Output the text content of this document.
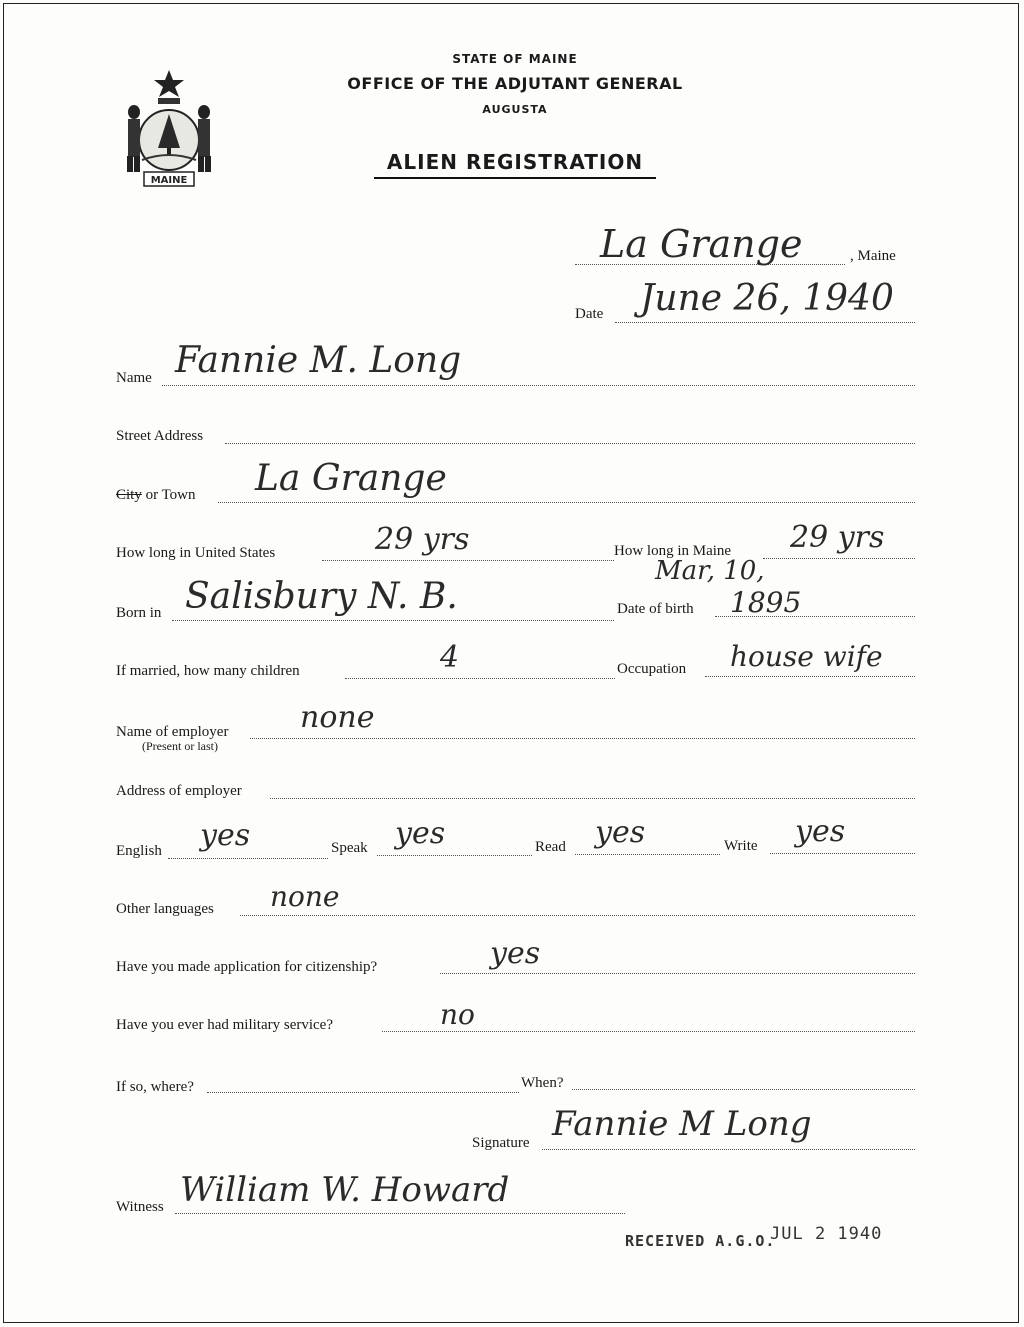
MAINE
STATE OF MAINE
OFFICE OF THE ADJUTANT GENERAL
AUGUSTA
ALIEN REGISTRATION
La Grange	, Maine
Date June 26, 1940
Name Fannie M. Long
Street Address
City or Town La Grange
How long in United States	29 yrs	How long in Maine 29 yrs
Born in Salisbury N. B.	Date of birth
Mar, 10,
1895
If married, how many children	4	Occupation house wife
Name of employer
(Present or last)
none
Address of employer
English yes	Speak yes	Read yes	Write yes
Other languages none
Have you made application for citizenship?	yes
Have you ever had military service?	no
If so, where?	When?
Signature Fannie M Long
Witness William W. Howard
RECEIVED A.G.O.
JUL 2 1940
